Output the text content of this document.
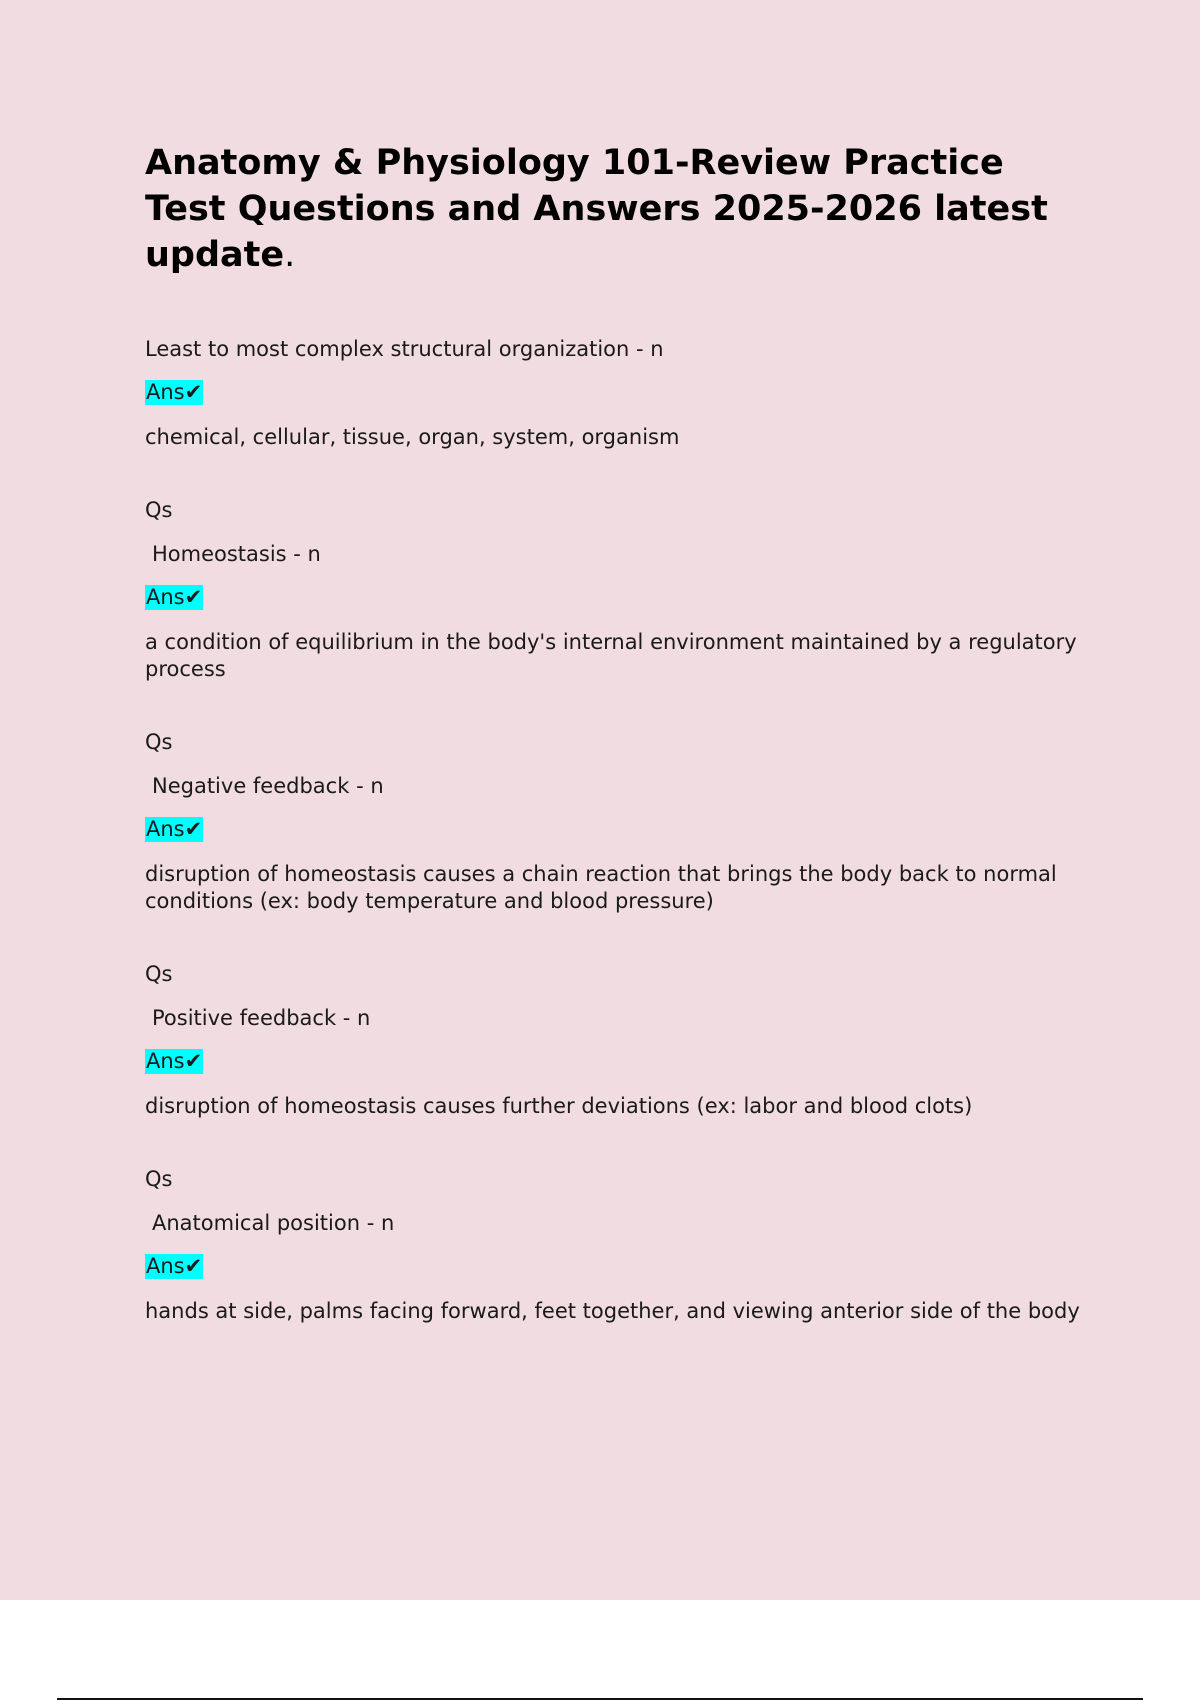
Anatomy & Physiology 101-Review Practice Test Questions and Answers 2025-2026 latest update.
Least to most complex structural organization - n
Ans✔
chemical, cellular, tissue, organ, system, organism
Qs
Homeostasis - n
Ans✔
a condition of equilibrium in the body's internal environment maintained by a regulatory process
Qs
Negative feedback - n
Ans✔
disruption of homeostasis causes a chain reaction that brings the body back to normal conditions (ex: body temperature and blood pressure)
Qs
Positive feedback - n
Ans✔
disruption of homeostasis causes further deviations (ex: labor and blood clots)
Qs
Anatomical position - n
Ans✔
hands at side, palms facing forward, feet together, and viewing anterior side of the body
